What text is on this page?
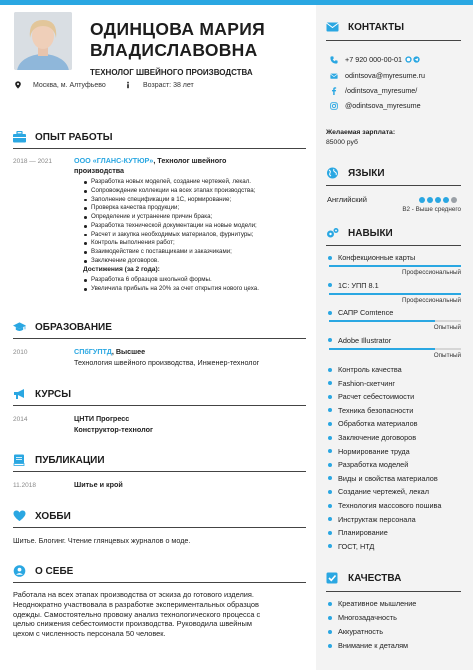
ОДИНЦОВА МАРИЯ
ВЛАДИСЛАВОВНА
ТЕХНОЛОГ ШВЕЙНОГО ПРОИЗВОДСТВА
Москва, м. Алтуфьево	Возраст: 38 лет
ОПЫТ РАБОТЫ
2018 — 2021	ООО «ГЛАНС-КУТЮР», Технолог швейного
производства
Разработка новых моделей, создание чертежей, лекал.
Сопровождение коллекции на всех этапах производства;
Заполнение спецификации в 1С, нормирование;
Проверка качества продукции;
Определение и устранение причин брака;
Разработка технической документации на новые модели;
Расчет и закупка необходимых материалов, фурнитуры;
Контроль выполнения работ;
Взаимодействие с поставщиками и заказчиками;
Заключение договоров.
Достижения (за 2 года):
Разработка 6 образцов школьной формы.
Увеличила прибыль на 20% за счет открытия нового цеха.
ОБРАЗОВАНИЕ
2010	СПбГУПТД, Высшее
Технология швейного производства, Инженер-технолог
КУРСЫ
2014	ЦНТИ Прогресс
Конструктор-технолог
ПУБЛИКАЦИИ
11.2018	Шитье и крой
ХОББИ
Шитье. Блогинг. Чтение глянцевых журналов о моде.
О СЕБЕ
Работала на всех этапах производства от эскиза до готового изделия.
Неоднократно участвовала в разработке экспериментальных образцов
одежды. Самостоятельно провожу анализ технологического процесса с
целью снижения себестоимости производства. Руководила швейным
цехом с численность персонала 50 человек.
КОНТАКТЫ
+7 920 000-00-01
odintsova@myresume.ru
/odintsova_myresume/
@odintsova_myresume
Желаемая зарплата:
85000 руб
ЯЗЫКИ
Английский
B2 - Выше среднего
НАВЫКИ
Конфекционные карты
Профессиональный
1С: УПП 8.1
Профессиональный
САПР Comtence
Опытный
Adobe Illustrator
Опытный
Контроль качества
Fashion-скетчинг
Расчет себестоимости
Техника безопасности
Обработка материалов
Заключение договоров
Нормирование труда
Разработка моделей
Виды и свойства материалов
Создание чертежей, лекал
Технология массового пошива
Инструктаж персонала
Планирование
ГОСТ, НТД
КАЧЕСТВА
Креативное мышление
Многозадачность
Аккуратность
Внимание к деталям
